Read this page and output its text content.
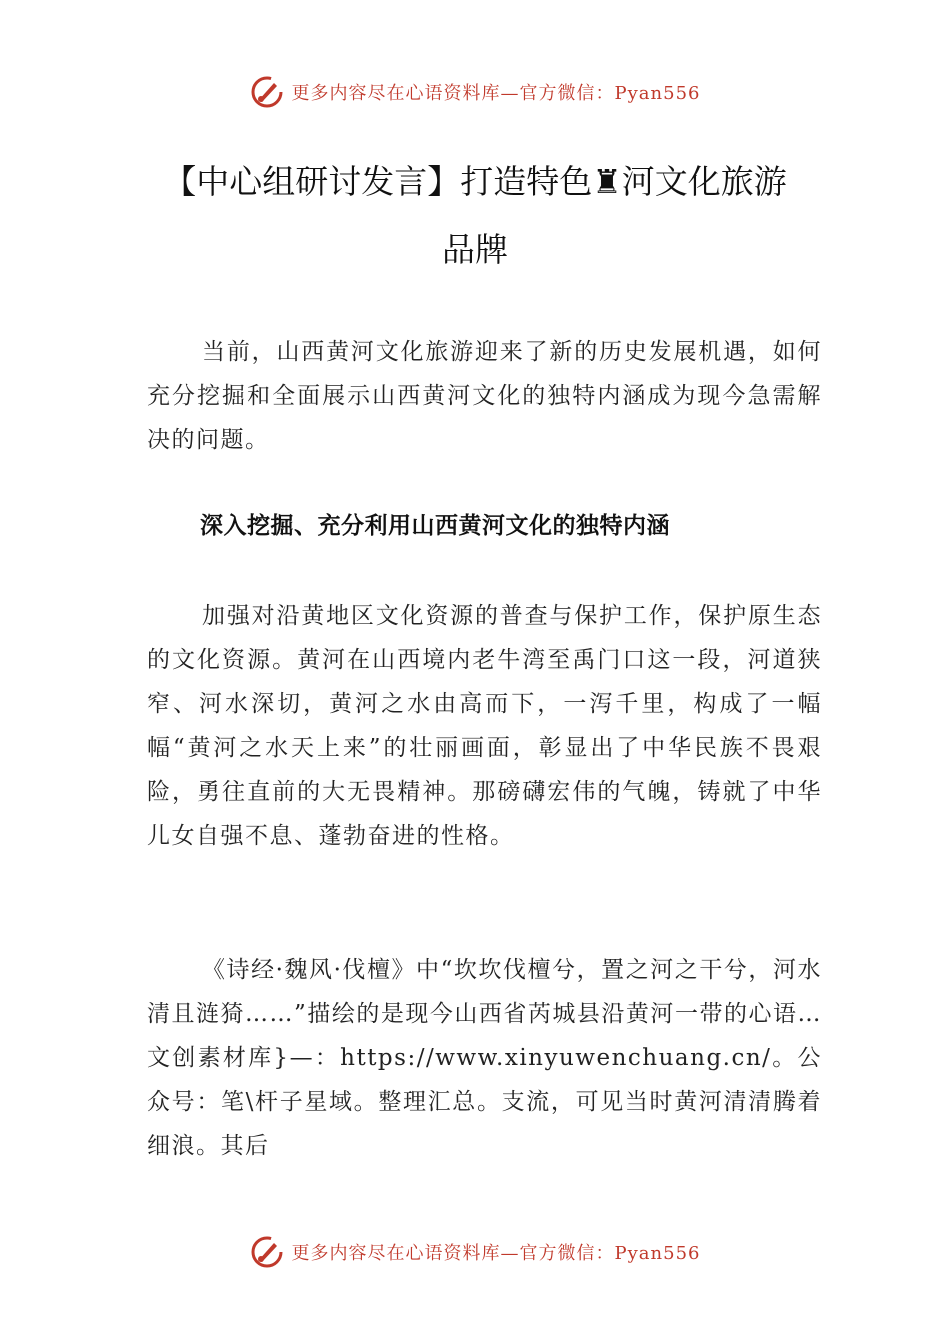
更多内容尽在心语资料库—官方微信：Pyan556
【中心组研讨发言】打造特色♜河文化旅游
品牌

当前，山西黄河文化旅游迎来了新的历史发展机遇，如何充分挖掘和全面展示山西黄河文化的独特内涵成为现今急需解决的问题。

深入挖掘、充分利用山西黄河文化的独特内涵

加强对沿黄地区文化资源的普查与保护工作，保护原生态的文化资源。黄河在山西境内老牛湾至禹门口这一段，河道狭窄、河水深切，黄河之水由高而下，一泻千里，构成了一幅幅“黄河之水天上来”的壮丽画面，彰显出了中华民族不畏艰险，勇往直前的大无畏精神。那磅礴宏伟的气魄，铸就了中华儿女自强不息、蓬勃奋进的性格。

《诗经·魏风·伐檀》中“坎坎伐檀兮，置之河之干兮，河水清且涟猗……”描绘的是现今山西省芮城县沿黄河一带的心语…文创素材库}—：https://www.xinyuwenchuang.cn/。公众号：笔\杆子星域。整理汇总。支流，可见当时黄河清清腾着细浪。其后

更多内容尽在心语资料库—官方微信：Pyan556
